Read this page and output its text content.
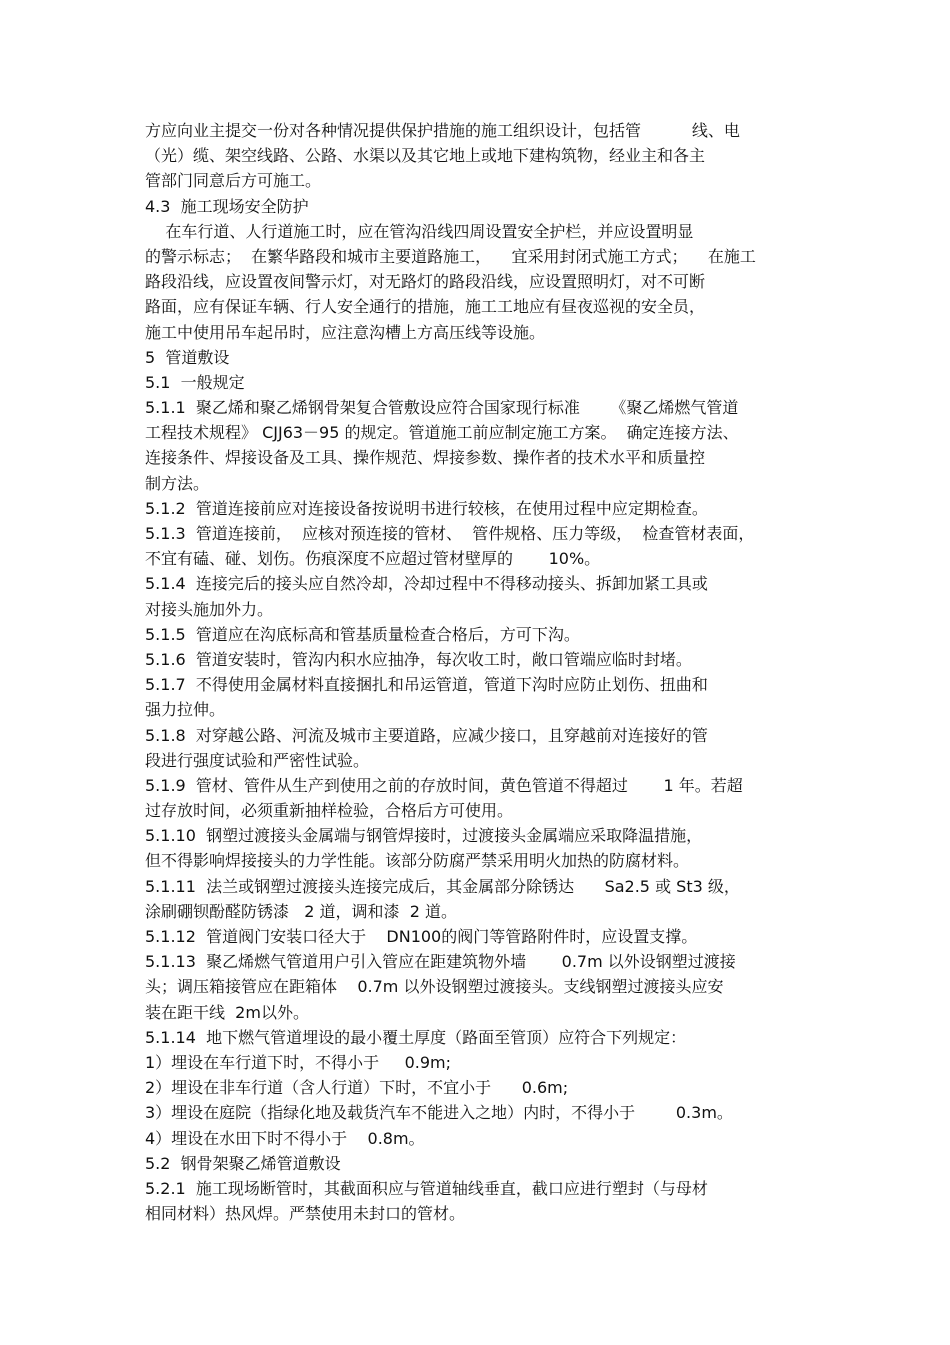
方应向业主提交一份对各种情况提供保护措施的施工组织设计，包括管          线、电
（光）缆、架空线路、公路、水渠以及其它地上或地下建构筑物，经业主和各主
管部门同意后方可施工。
4.3  施工现场安全防护
在车行道、人行道施工时，应在管沟沿线四周设置安全护栏，并应设置明显
的警示标志；  在繁华路段和城市主要道路施工，    宜采用封闭式施工方式；    在施工
路段沿线，应设置夜间警示灯，对无路灯的路段沿线，应设置照明灯，对不可断
路面，应有保证车辆、行人安全通行的措施，施工工地应有昼夜巡视的安全员，
施工中使用吊车起吊时，应注意沟槽上方高压线等设施。
5  管道敷设
5.1  一般规定
5.1.1  聚乙烯和聚乙烯钢骨架复合管敷设应符合国家现行标准      《聚乙烯燃气管道
工程技术规程》 CJJ63－95 的规定。管道施工前应制定施工方案。  确定连接方法、
连接条件、焊接设备及工具、操作规范、焊接参数、操作者的技术水平和质量控
制方法。
5.1.2  管道连接前应对连接设备按说明书进行较核，在使用过程中应定期检查。
5.1.3  管道连接前，  应核对预连接的管材、  管件规格、压力等级，  检查管材表面，
不宜有磕、碰、划伤。伤痕深度不应超过管材壁厚的       10%。
5.1.4  连接完后的接头应自然冷却，冷却过程中不得移动接头、拆卸加紧工具或
对接头施加外力。
5.1.5  管道应在沟底标高和管基质量检查合格后，方可下沟。
5.1.6  管道安装时，管沟内积水应抽净，每次收工时，敞口管端应临时封堵。
5.1.7  不得使用金属材料直接捆扎和吊运管道，管道下沟时应防止划伤、扭曲和
强力拉伸。
5.1.8  对穿越公路、河流及城市主要道路，应减少接口，且穿越前对连接好的管
段进行强度试验和严密性试验。
5.1.9  管材、管件从生产到使用之前的存放时间，黄色管道不得超过       1 年。若超
过存放时间，必须重新抽样检验，合格后方可使用。
5.1.10  钢塑过渡接头金属端与钢管焊接时，过渡接头金属端应采取降温措施，
但不得影响焊接接头的力学性能。该部分防腐严禁采用明火加热的防腐材料。
5.1.11  法兰或钢塑过渡接头连接完成后，其金属部分除锈达      Sa2.5 或 St3 级，
涂刷硼钡酚醛防锈漆   2 道，调和漆  2 道。
5.1.12  管道阀门安装口径大于    DN100的阀门等管路附件时，应设置支撑。
5.1.13  聚乙烯燃气管道用户引入管应在距建筑物外墙       0.7m 以外设钢塑过渡接
头；调压箱接管应在距箱体    0.7m 以外设钢塑过渡接头。支线钢塑过渡接头应安
装在距干线  2m以外。
5.1.14  地下燃气管道埋设的最小覆土厚度（路面至管顶）应符合下列规定：
1）埋设在车行道下时，不得小于     0.9m;
2）埋设在非车行道（含人行道）下时，不宜小于      0.6m;
3）埋设在庭院（指绿化地及载货汽车不能进入之地）内时，不得小于        0.3m。
4）埋设在水田下时不得小于    0.8m。
5.2  钢骨架聚乙烯管道敷设
5.2.1  施工现场断管时，其截面积应与管道轴线垂直，截口应进行塑封（与母材
相同材料）热风焊。严禁使用未封口的管材。
